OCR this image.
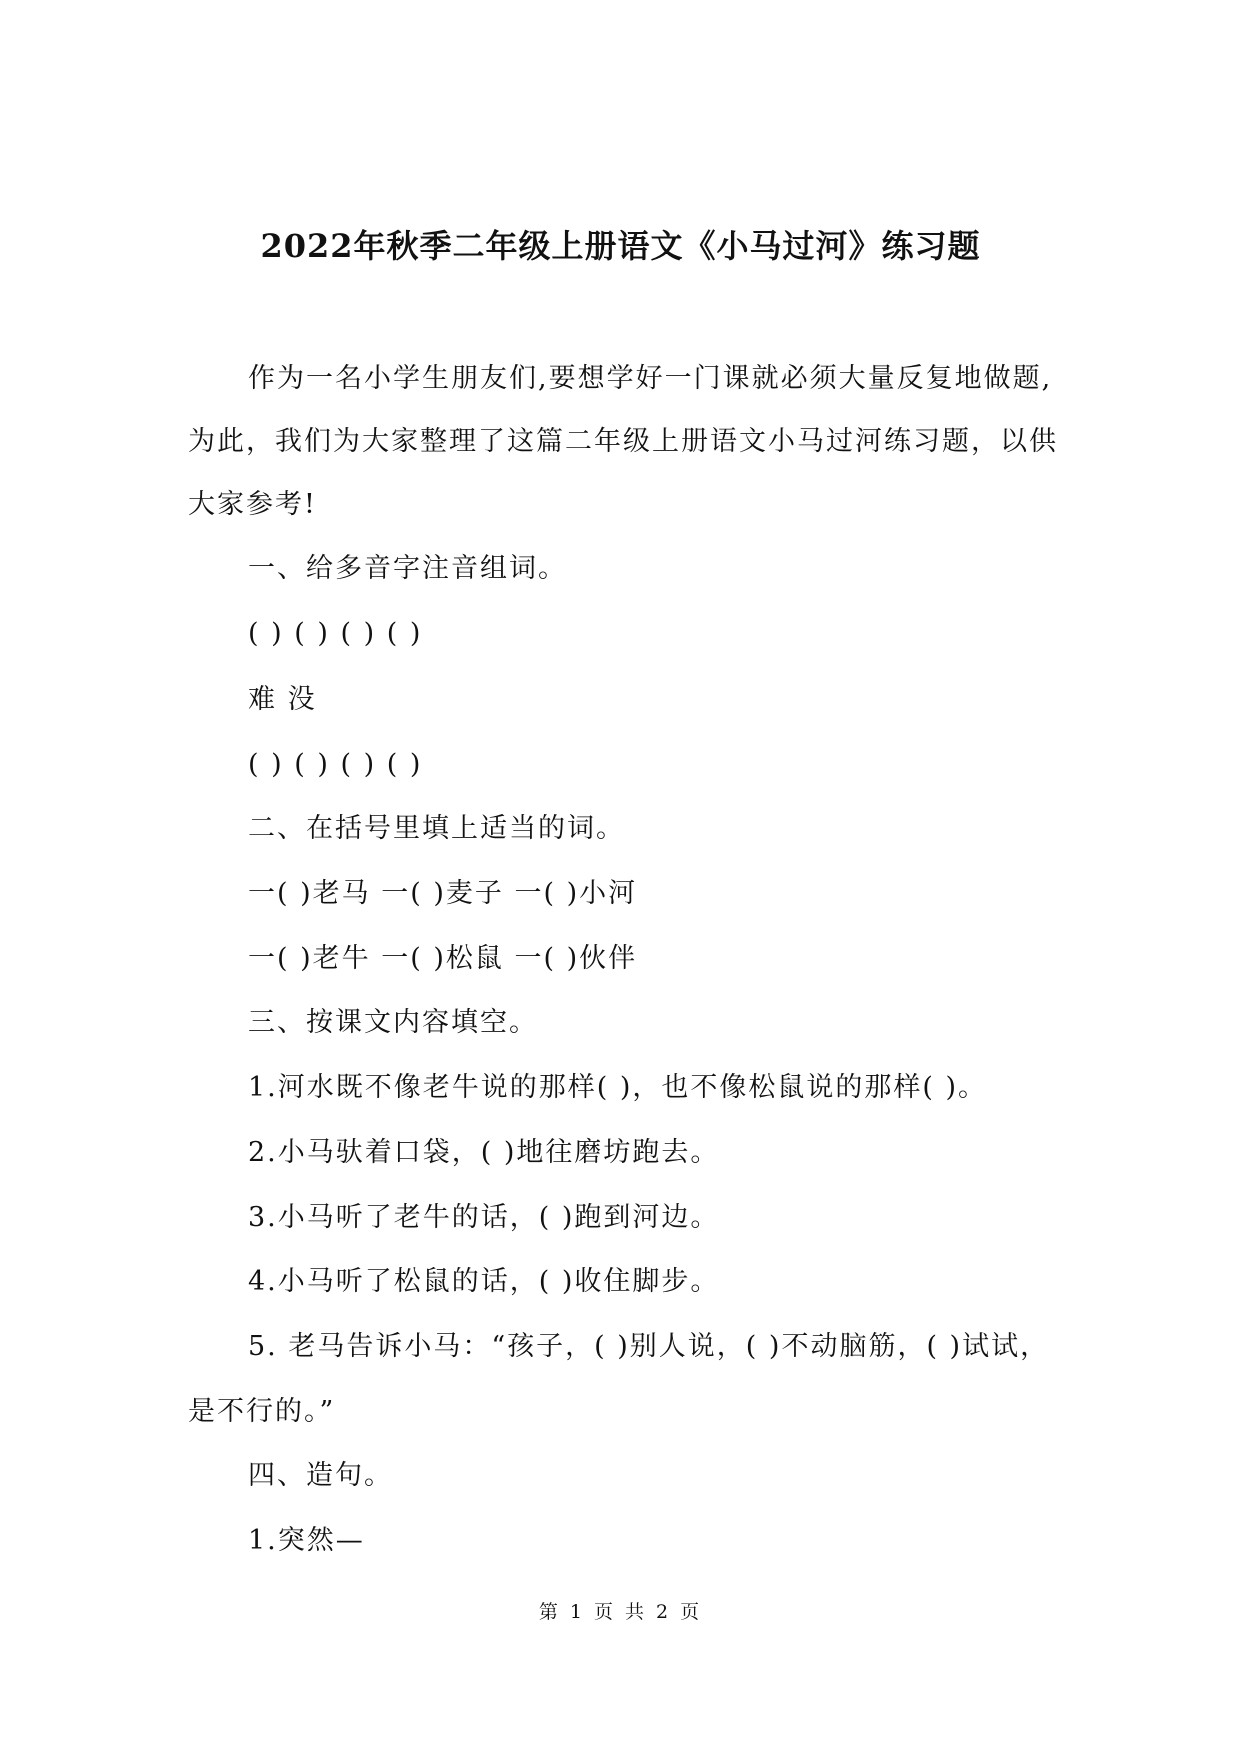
2022年秋季二年级上册语文《小马过河》练习题
作为一名小学生朋友们,要想学好一门课就必须大量反复地做题,
为此，我们为大家整理了这篇二年级上册语文小马过河练习题，以供
大家参考!
一、给多音字注音组词。
( ) ( ) ( ) ( )
难 没
( ) ( ) ( ) ( )
二、在括号里填上适当的词。
一( )老马 一( )麦子 一( )小河
一( )老牛 一( )松鼠 一( )伙伴
三、按课文内容填空。
1.河水既不像老牛说的那样( )，也不像松鼠说的那样( )。
2.小马驮着口袋，( )地往磨坊跑去。
3.小马听了老牛的话，( )跑到河边。
4.小马听了松鼠的话，( )收住脚步。
5. 老马告诉小马：“孩子，( )别人说，( )不动脑筋，( )试试，
是不行的。”
四、造句。
1.突然—
第 1 页 共 2 页
